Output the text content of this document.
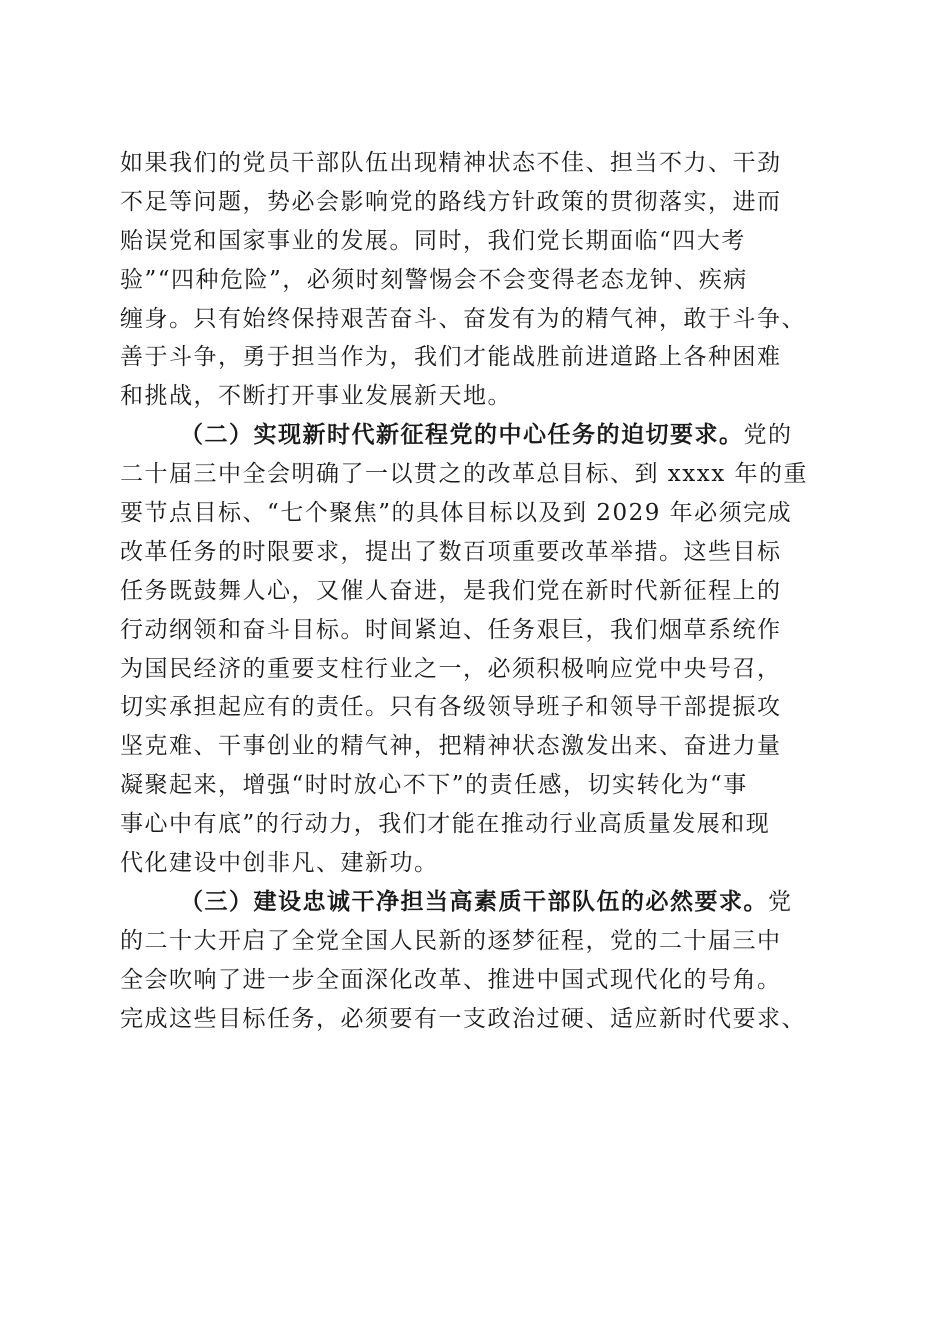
如果我们的党员干部队伍出现精神状态不佳、担当不力、干劲
不足等问题，势必会影响党的路线方针政策的贯彻落实，进而
贻误党和国家事业的发展。同时，我们党长期面临“四大考
验”“四种危险”，必须时刻警惕会不会变得老态龙钟、疾病
缠身。只有始终保持艰苦奋斗、奋发有为的精气神，敢于斗争、
善于斗争，勇于担当作为，我们才能战胜前进道路上各种困难
和挑战，不断打开事业发展新天地。
（二）实现新时代新征程党的中心任务的迫切要求。党的
二十届三中全会明确了一以贯之的改革总目标、到 xxxx 年的重
要节点目标、“七个聚焦”的具体目标以及到 2029 年必须完成
改革任务的时限要求，提出了数百项重要改革举措。这些目标
任务既鼓舞人心，又催人奋进，是我们党在新时代新征程上的
行动纲领和奋斗目标。时间紧迫、任务艰巨，我们烟草系统作
为国民经济的重要支柱行业之一，必须积极响应党中央号召，
切实承担起应有的责任。只有各级领导班子和领导干部提振攻
坚克难、干事创业的精气神，把精神状态激发出来、奋进力量
凝聚起来，增强“时时放心不下”的责任感，切实转化为“事
事心中有底”的行动力，我们才能在推动行业高质量发展和现
代化建设中创非凡、建新功。
（三）建设忠诚干净担当高素质干部队伍的必然要求。党
的二十大开启了全党全国人民新的逐梦征程，党的二十届三中
全会吹响了进一步全面深化改革、推进中国式现代化的号角。
完成这些目标任务，必须要有一支政治过硬、适应新时代要求、
